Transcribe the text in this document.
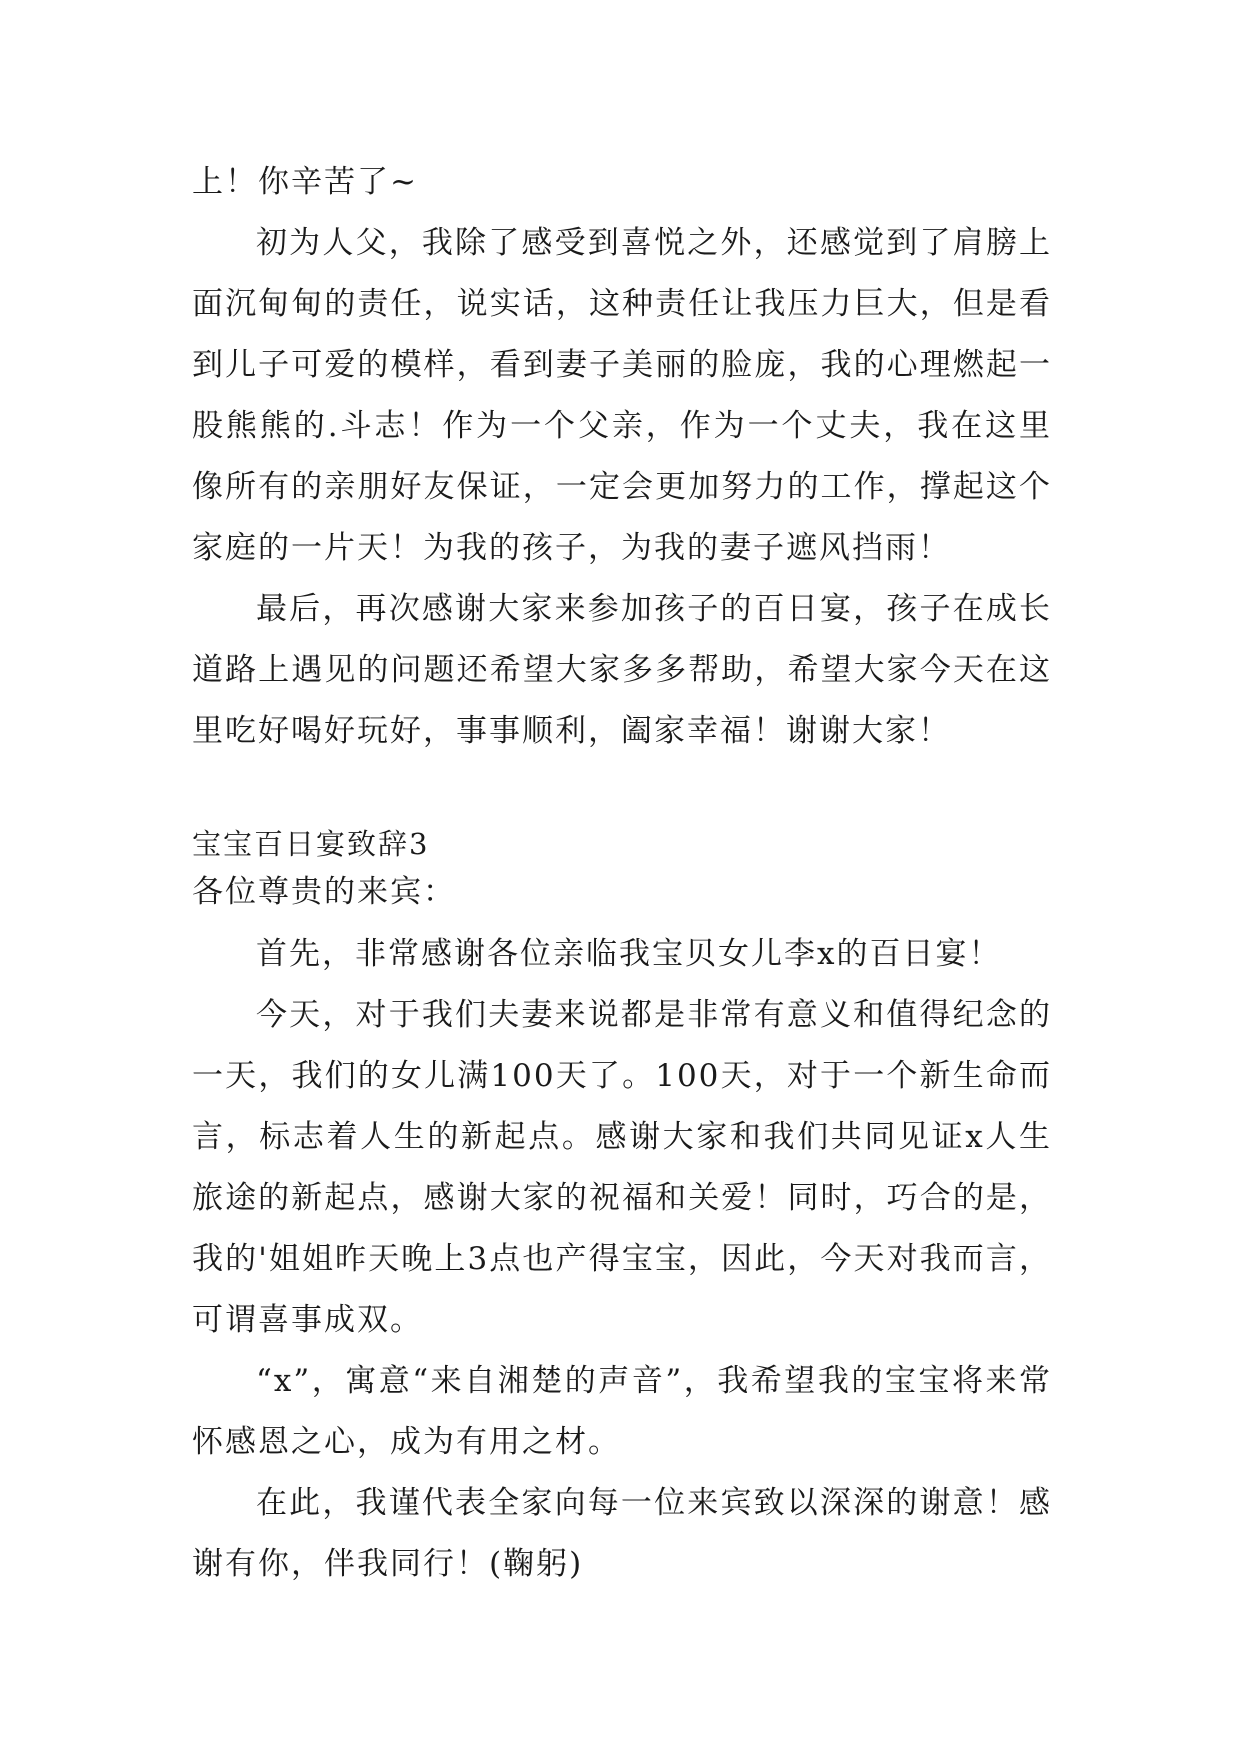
上！你辛苦了~

初为人父，我除了感受到喜悦之外，还感觉到了肩膀上面沉甸甸的责任，说实话，这种责任让我压力巨大，但是看到儿子可爱的模样，看到妻子美丽的脸庞，我的心理燃起一股熊熊的.斗志！作为一个父亲，作为一个丈夫，我在这里像所有的亲朋好友保证，一定会更加努力的工作，撑起这个家庭的一片天！为我的孩子，为我的妻子遮风挡雨！

最后，再次感谢大家来参加孩子的百日宴，孩子在成长道路上遇见的问题还希望大家多多帮助，希望大家今天在这里吃好喝好玩好，事事顺利，阖家幸福！谢谢大家！

宝宝百日宴致辞3

各位尊贵的来宾：

首先，非常感谢各位亲临我宝贝女儿李x的百日宴！

今天，对于我们夫妻来说都是非常有意义和值得纪念的一天，我们的女儿满100天了。100天，对于一个新生命而言，标志着人生的新起点。感谢大家和我们共同见证x人生旅途的新起点，感谢大家的祝福和关爱！同时，巧合的是，我的'姐姐昨天晚上3点也产得宝宝，因此，今天对我而言，可谓喜事成双。

“x”，寓意“来自湘楚的声音”，我希望我的宝宝将来常怀感恩之心，成为有用之材。

在此，我谨代表全家向每一位来宾致以深深的谢意！感谢有你，伴我同行！(鞠躬)
